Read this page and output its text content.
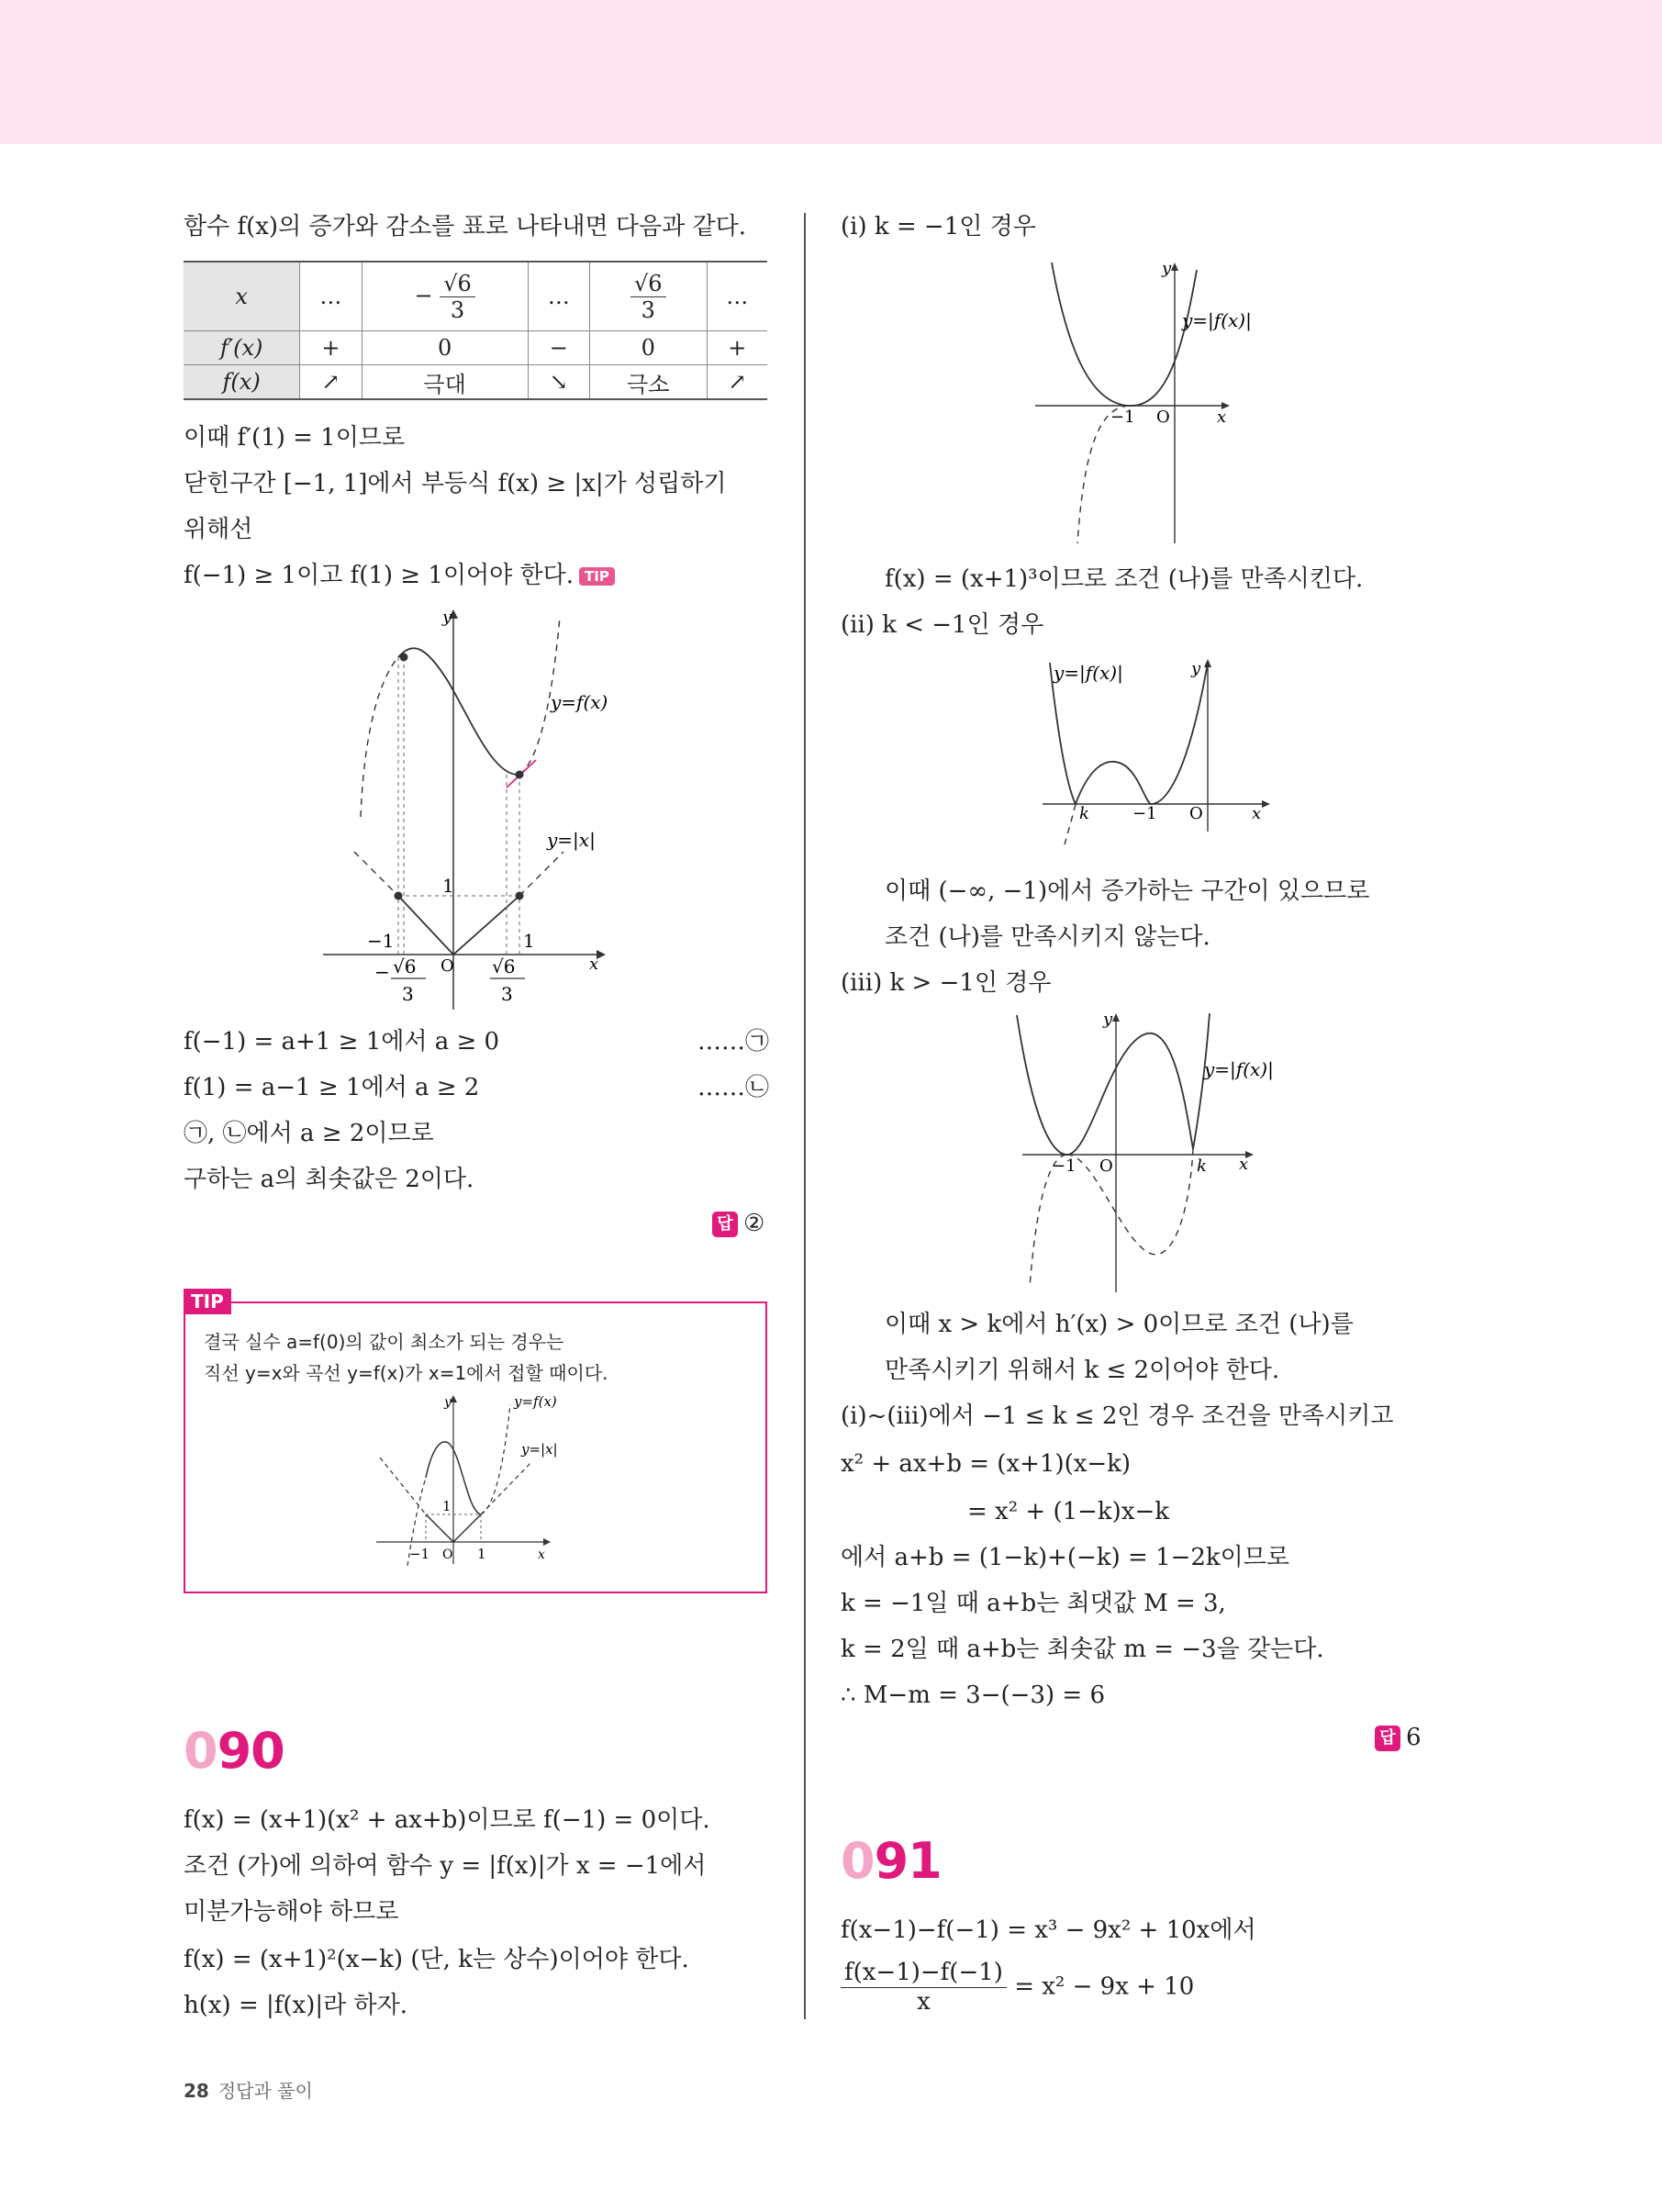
함수 f(x)의 증가와 감소를 표로 나타내면 다음과 같다.
x	…	− $\frac{√6}{3}$	…	$\frac{√6}{3}$	…
f′(x)	+	0	−	0	+
f(x)	↗	극대	↘	극소	↗
이때 f′(1) = 1이므로
닫힌구간 [−1, 1]에서 부등식 f(x) ≥ |x|가 성립하기
위해선
f(−1) ≥ 1이고 f(1) ≥ 1이어야 한다. TIP
y
x
O
y=f(x)
y=|x|
1
−1	1
− √6
3
√6
3
f(−1) = a+1 ≥ 1에서 a ≥ 0	……㉠
f(1) = a−1 ≥ 1에서 a ≥ 2	……㉡
㉠, ㉡에서 a ≥ 2이므로
구하는 a의 최솟값은 2이다.
답 ②
TIP
결국 실수 a=f(0)의 값이 최소가 되는 경우는
직선 y=x와 곡선 y=f(x)가 x=1에서 접할 때이다.
y
x
O
y=f(x)
y=|x|
1
−1	1
090
f(x) = (x+1)(x² + ax+b)이므로 f(−1) = 0이다.
조건 (가)에 의하여 함수 y = |f(x)|가 x = −1에서
미분가능해야 하므로
f(x) = (x+1)²(x−k) (단, k는 상수)이어야 한다.
h(x) = |f(x)|라 하자.
(ⅰ) k = −1인 경우
y
x
O
−1
y=|f(x)|
f(x) = (x+1)³이므로 조건 (나)를 만족시킨다.
(ⅱ) k < −1인 경우
y
x
O
−1
k
y=|f(x)|
이때 (−∞, −1)에서 증가하는 구간이 있으므로
조건 (나)를 만족시키지 않는다.
(ⅲ) k > −1인 경우
y
x
O
−1	k
y=|f(x)|
이때 x > k에서 h′(x) > 0이므로 조건 (나)를
만족시키기 위해서 k ≤ 2이어야 한다.
(ⅰ)~(ⅲ)에서 −1 ≤ k ≤ 2인 경우 조건을 만족시키고
x² + ax+b = (x+1)(x−k)
= x² + (1−k)x−k
에서 a+b = (1−k)+(−k) = 1−2k이므로
k = −1일 때 a+b는 최댓값 M = 3,
k = 2일 때 a+b는 최솟값 m = −3을 갖는다.
∴ M−m = 3−(−3) = 6
답 6
091
f(x−1)−f(−1) = x³ − 9x² + 10x에서
$\frac{f(x-1)-f(-1)}{x} = x^2 - 9x + 10$
28 정답과 풀이
